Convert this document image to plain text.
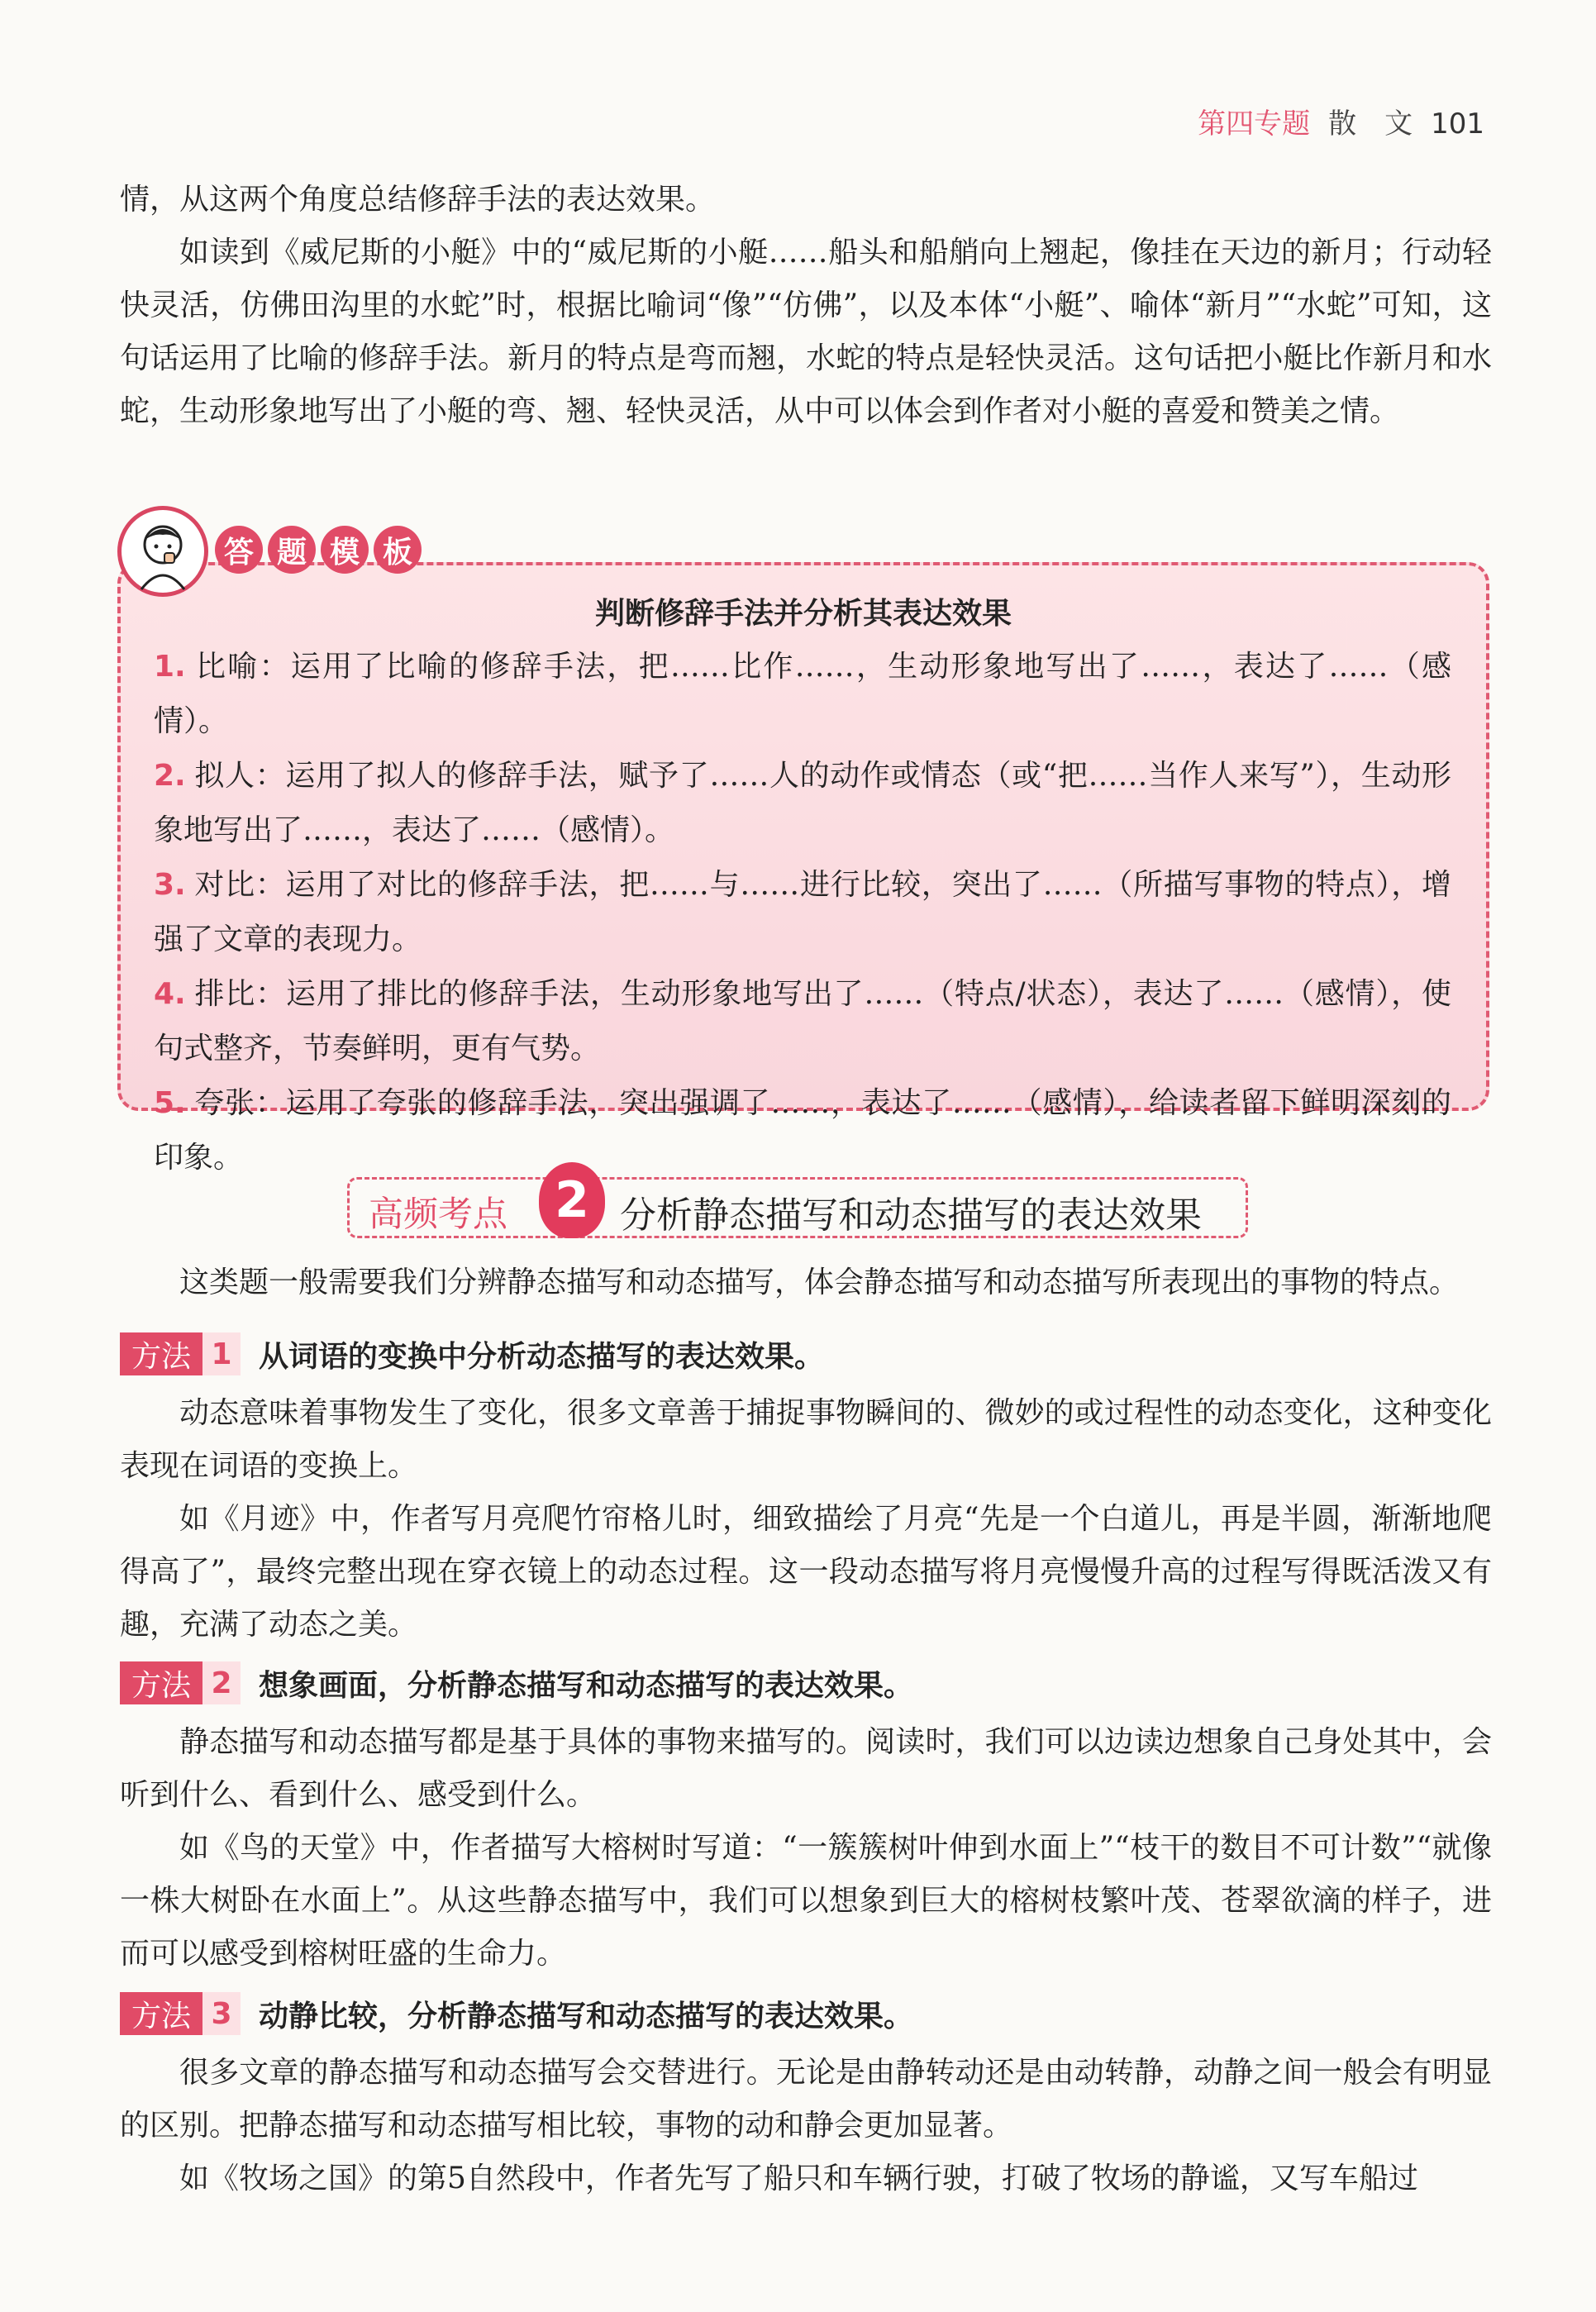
第四专题 散　文 101

情，从这两个角度总结修辞手法的表达效果。

如读到《威尼斯的小艇》中的“威尼斯的小艇……船头和船艄向上翘起，像挂在天边的新月；行动轻快灵活，仿佛田沟里的水蛇”时，根据比喻词“像”“仿佛”，以及本体“小艇”、喻体“新月”“水蛇”可知，这句话运用了比喻的修辞手法。新月的特点是弯而翘，水蛇的特点是轻快灵活。这句话把小艇比作新月和水蛇，生动形象地写出了小艇的弯、翘、轻快灵活，从中可以体会到作者对小艇的喜爱和赞美之情。

判断修辞手法并分析其表达效果

1. 比喻：运用了比喻的修辞手法，把……比作……，生动形象地写出了……，表达了……（感情）。

2. 拟人：运用了拟人的修辞手法，赋予了……人的动作或情态（或“把……当作人来写”），生动形象地写出了……，表达了……（感情）。

3. 对比：运用了对比的修辞手法，把……与……进行比较，突出了……（所描写事物的特点），增强了文章的表现力。

4. 排比：运用了排比的修辞手法，生动形象地写出了……（特点/状态），表达了……（感情），使句式整齐，节奏鲜明，更有气势。

5. 夸张：运用了夸张的修辞手法，突出强调了……，表达了……（感情），给读者留下鲜明深刻的印象。

答 题 模 板
高频考点 2 分析静态描写和动态描写的表达效果

这类题一般需要我们分辨静态描写和动态描写，体会静态描写和动态描写所表现出的事物的特点。

方法 1 从词语的变换中分析动态描写的表达效果。

动态意味着事物发生了变化，很多文章善于捕捉事物瞬间的、微妙的或过程性的动态变化，这种变化表现在词语的变换上。

如《月迹》中，作者写月亮爬竹帘格儿时，细致描绘了月亮“先是一个白道儿，再是半圆，渐渐地爬得高了”，最终完整出现在穿衣镜上的动态过程。这一段动态描写将月亮慢慢升高的过程写得既活泼又有趣，充满了动态之美。

方法 2 想象画面，分析静态描写和动态描写的表达效果。

静态描写和动态描写都是基于具体的事物来描写的。阅读时，我们可以边读边想象自己身处其中，会听到什么、看到什么、感受到什么。

如《鸟的天堂》中，作者描写大榕树时写道：“一簇簇树叶伸到水面上”“枝干的数目不可计数”“就像一株大树卧在水面上”。从这些静态描写中，我们可以想象到巨大的榕树枝繁叶茂、苍翠欲滴的样子，进而可以感受到榕树旺盛的生命力。

方法 3 动静比较，分析静态描写和动态描写的表达效果。

很多文章的静态描写和动态描写会交替进行。无论是由静转动还是由动转静，动静之间一般会有明显的区别。把静态描写和动态描写相比较，事物的动和静会更加显著。

如《牧场之国》的第5自然段中，作者先写了船只和车辆行驶，打破了牧场的静谧，又写车船过
